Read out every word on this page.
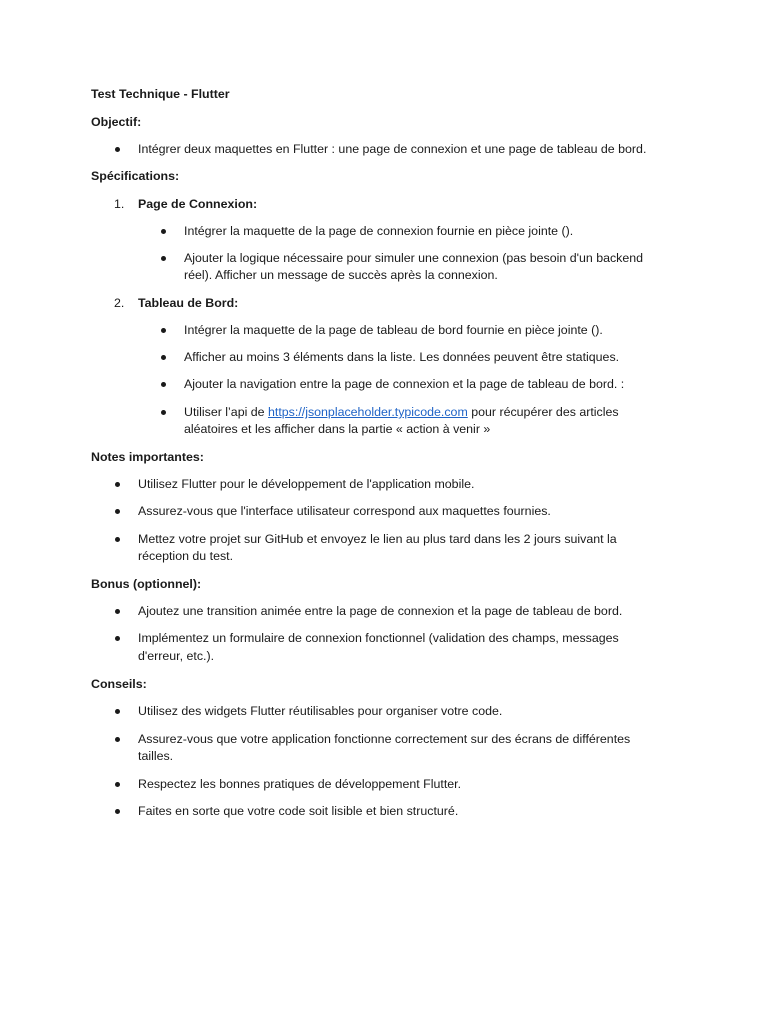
Test Technique - Flutter
Objectif:
Intégrer deux maquettes en Flutter : une page de connexion et une page de tableau de bord.
Spécifications:
1. Page de Connexion:
Intégrer la maquette de la page de connexion fournie en pièce jointe ().
Ajouter la logique nécessaire pour simuler une connexion (pas besoin d'un backend
réel). Afficher un message de succès après la connexion.
2. Tableau de Bord:
Intégrer la maquette de la page de tableau de bord fournie en pièce jointe ().
Afficher au moins 3 éléments dans la liste. Les données peuvent être statiques.
Ajouter la navigation entre la page de connexion et la page de tableau de bord. :
Utiliser l’api de https://jsonplaceholder.typicode.com pour récupérer des articles
aléatoires et les afficher dans la partie « action à venir »
Notes importantes:
Utilisez Flutter pour le développement de l'application mobile.
Assurez-vous que l'interface utilisateur correspond aux maquettes fournies.
Mettez votre projet sur GitHub et envoyez le lien au plus tard dans les 2 jours suivant la
réception du test.
Bonus (optionnel):
Ajoutez une transition animée entre la page de connexion et la page de tableau de bord.
Implémentez un formulaire de connexion fonctionnel (validation des champs, messages
d'erreur, etc.).
Conseils:
Utilisez des widgets Flutter réutilisables pour organiser votre code.
Assurez-vous que votre application fonctionne correctement sur des écrans de différentes
tailles.
Respectez les bonnes pratiques de développement Flutter.
Faites en sorte que votre code soit lisible et bien structuré.
